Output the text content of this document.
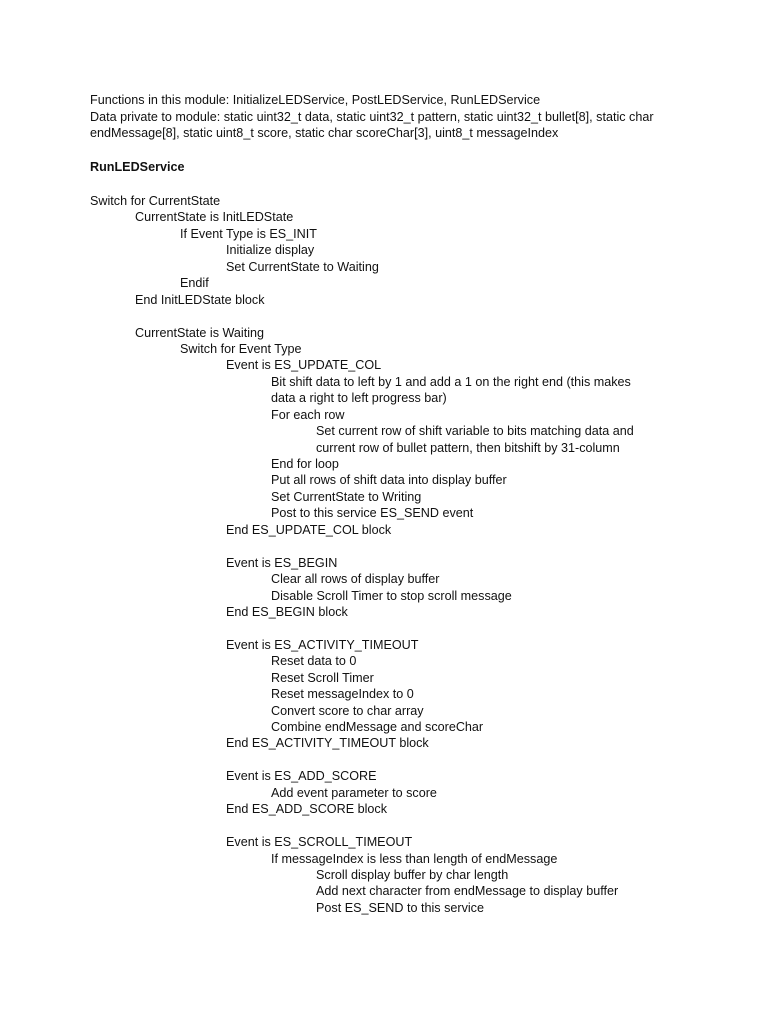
Functions in this module: InitializeLEDService, PostLEDService, RunLEDService

Data private to module: static uint32_t data, static uint32_t pattern, static uint32_t bullet[8], static char endMessage[8], static uint8_t score, static char scoreChar[3], uint8_t messageIndex

RunLEDService
Switch for CurrentState
CurrentState is InitLEDState
If Event Type is ES_INIT
Initialize display
Set CurrentState to Waiting
Endif
End InitLEDState block
CurrentState is Waiting
Switch for Event Type
Event is ES_UPDATE_COL
Bit shift data to left by 1 and add a 1 on the right end (this makes
data a right to left progress bar)
For each row
Set current row of shift variable to bits matching data and
current row of bullet pattern, then bitshift by 31-column
End for loop
Put all rows of shift data into display buffer
Set CurrentState to Writing
Post to this service ES_SEND event
End ES_UPDATE_COL block
Event is ES_BEGIN
Clear all rows of display buffer
Disable Scroll Timer to stop scroll message
End ES_BEGIN block
Event is ES_ACTIVITY_TIMEOUT
Reset data to 0
Reset Scroll Timer
Reset messageIndex to 0
Convert score to char array
Combine endMessage and scoreChar
End ES_ACTIVITY_TIMEOUT block
Event is ES_ADD_SCORE
Add event parameter to score
End ES_ADD_SCORE block
Event is ES_SCROLL_TIMEOUT
If messageIndex is less than length of endMessage
Scroll display buffer by char length
Add next character from endMessage to display buffer
Post ES_SEND to this service
